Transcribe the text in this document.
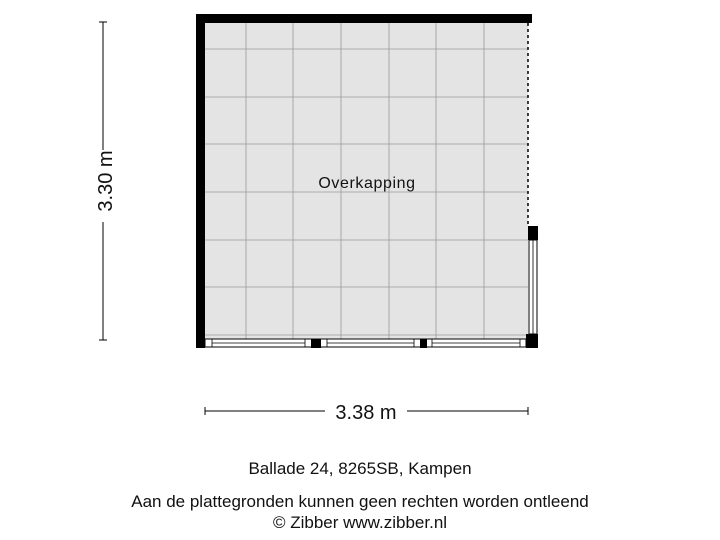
Overkapping
3.30 m
3.38 m
Ballade 24, 8265SB, Kampen
Aan de plattegronden kunnen geen rechten worden ontleend
© Zibber www.zibber.nl
